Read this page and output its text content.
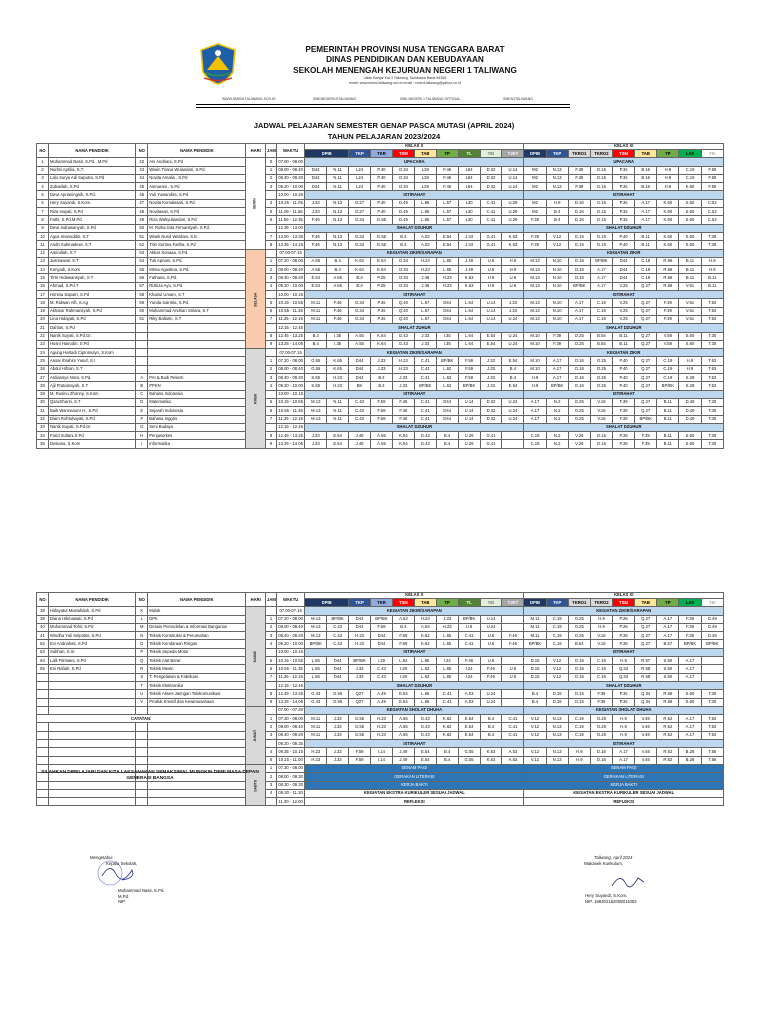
PEMERINTAH PROVINSI NUSA TENGGARA BARAT
DINAS PENDIDIKAN DAN KEBUDAYAAN
SEKOLAH MENENGAH KEJURUAN NEGERI 1 TALIWANG
Jalan Banjar Kal 3 Taliwang, Sumbawa Barat 84355
email: www.smkn1taliwang.sch.id email : smkn1taliwang@yahoo.co.id
WWW.SMKN1TALIWANG.SCH.ID	SMKNEGERI1KTALIWANG	SMK NEGERI 1 TALIWANG OFFICIAL	SMKN1TALIWANG
JADWAL PELAJARAN SEMESTER GENAP PASCA MUTASI (APRIL 2024)
TAHUN PELAJARAN 2023/2024
NO	NAMA PENDIDIK	NO	NAMA PENDIDIK	HARI	JAM	WAKTU	KELAS X										KELAS XI								
							DPIB		TKP	TKR	TSM	TAB	TP	TL	TEI	TJKT	DPIB	TKP	TKRO1	TKRO2	TSM	TAB	TP	LAS	TEI
1	Muhammad Nasir, S.Pd., M.Pd	42	Ani Andriani, S.Pd	SENIN	0	07.00 - 08.00	UPACARA										UPACARA								
2	Nurlini Aprilia, S.T.	43	Wiwin Triana Wulandari, S.Pd.		1	08.00 - 08.40	D44	N.11	L24	P.40	O.34	L29	F.46	L64	D.32	U.14	M2	N.13	F.39	G.15	P.3s	B.16	H.9	C.19	F.59
3	Lalu Surya Adi Saputra, S.Pd	44	Novita Amalia , S.Pd		2	08.40 - 09.20	D44	N.11	L24	P.40	O.34	L29	F.46	L64	D.32	U.14	M2	N.13	F.39	G.15	P.3s	B.16	H.9	C.19	F.59
4	Zubaidah, S.Pd	45	Asmarani , S.Pd		3	09.20 - 10.00	D44	N.11	L24	P.40	O.34	L29	F.46	L64	D.32	U.14	M2	N.13	F.39	G.15	P.3s	B.16	H.9	K.60	F.59
5	Dewi Aprianingsih, S.Pd.	46	Yuli Yuwandira, S.Pd			10.00 - 10.25	ISTIRAHAT										ISTIRAHAT								
6	Hery Suyandi, S.Kom.	47	Novita Komalasari, S.Pd.		4	10.25 - 11.05	J.33	N.13	O.27	P.40	D.49	L.65	L.57	L30	C.41	U.29	M2	H.9	D.16	G.15	P.3s	A.17	K.60	S.50	C.52
7	Riza Hayati, S.Pd	48	Novitasari, S.Pd		5	11.05 - 11.55	J.33	N.13	O.27	P.40	D.49	L.65	L.57	L30	C.41	U.29	M2	B.4	D.16	G.15	P.3s	A.17	K.60	S.50	C.52
8	Fathi, S.Pd.M.Pd	49	Riza Wahyuliandari, S.Pd		6	11.55 - 12.35	F.46	N.13	O.34	G.55	D.49	L.65	L.57	L30	C.41	U.29	F.39	B.4	D.16	G.15	P.3s	A.17	K.60	S.50	C.52
9	Dewi Indrawanyah, S.Pd	50	M. Rizka Gita Firmansyah, S.Pd.			12.35 - 13.00	SHALAT DZUHUR										SHALAT DZUHUR								
10	Agus Imanuddin, S.T	51	Wiwik Nurul Wardani, S.E.		7	13.00 - 13.35	F.46	N.13	O.34	G.55	B.4	A.53	E.54	J.33	G.41	K.63	F.39	V.12	G.15	G.16	P.40	B.11	K.60	S.50	T.30
11	Andri Sukmadewi, S.T	52	Titin Surtina Fatiha, S.Pd		8	13.35 - 14.15	F.46	N.13	O.34	G.55	B.4	A.53	E.54	J.33	G.41	K.63	F.39	V.12	G.15	G.16	P.40	B.11	K.60	S.50	T.30
12	Amirullah, S.T	53	Akbar Sonaaa, S.Pd.	SELASA		07.00-07.15	KEGIATAN ZIKIR/SARAPAN										KEGIATAN ZIKIR								
13	Jusmawati, S.T	54	Tuti Apriani, S.Pd.		1	07.20 - 08.00	A.55	B.4	K.64	E.54	O.34	H.23	L.65	J.49	U.6	H.9	M.13	N.10	O.16	BP/BK	D44	C.19	R.58	B.11	H.9
14	Kenyadi, S.Kom	55	Mirna Agustina, S.Pd.		2	08.00 - 08.40	A.55	B.4	K.64	E.54	O.34	H.23	L.65	J.49	U.6	H.9	M.13	N.10	O.16	A.17	D44	C.19	R.58	B.11	H.9
15	Tirtri Hidawansyah, S.T	56	Fathana, S.Pd.		3	08.40 - 09.20	E.54	A.55	B.4	P.25	O.34	J.49	H.23	K.63	H.9	U.6	M.13	N.10	O.16	A.17	D44	C.19	R.58	B.11	B.11
16	Ahmad, S.Pd.T	57	Rizkiza Ayu, S.Pd		4	09.20 - 10.00	E.54	A.55	B.4	P.25	O.34	J.49	H.23	K.63	H.9	U.6	M.13	N.10	BP/BK	A.17	V.25	Q.27	R.58	V.61	B.11
17	Hirnina Saputri, S.Pd	58	Khairul Umam, S.T			10.00 - 10.15	ISTIRAHAT										ISTIRAHAT								
18	M. Ridwan Alfi, S.Ag	59	Yunda Saintria, S.Pd.		5	10.15 - 10.55	M.11	F.46	O.34	P.3s	Q.40	L.57	D44	L.64	U.14	J.33	M.13	N.10	A.17	C.19	V.25	Q.27	F.39	V.61	T.63
19	Akhatur Rahmansyah, S.Pd	60	Muhammad Andrian Striara, S.T		6	10.55 - 11.35	M.11	F.46	O.34	P.3s	Q.40	L.57	D44	L.64	U.14	J.33	M.13	N.10	A.17	C.19	V.25	Q.27	F.39	V.61	T.63
20	Lina Hidayati, S.Pd	61	Riky Ballarin, S.T		7	11.35 - 12.15	M.11	F.46	O.34	P.3s	Q.40	L.57	D44	L.64	U.14	U.24	M.13	N.10	A.17	C.19	V.25	Q.27	F.39	V.61	T.63
21	Dahlan, S.Pd					12.15 - 12.45	SHALAT ZUHUR										SHALAT DZUHUR								
22	Nanik Suyati, S.Pd.Gr.				8	12.45 - 13.25	B.4	I.35	A.55	K.64	G.43	J.33	I.35	L.64	E.54	U.24	M.10	F.39	O.25	B.54	B.11	Q.27	V.58	S.60	T.30
23	Husni Hairudin, S.Pd				9	13.25 - 14.05	B.4	I.35	A.55	K.64	G.43	J.33	I.35	L.64	E.54	U.24	M.10	F.39	O.25	B.54	B.11	Q.27	V.58	S.60	T.30
24	Agung Hartadi Ciptomulyo, S.Kom			RABU		07.00-07.15	KEGIATAN ZIKIR/SARAPAN										KEGIATAN ZIKIR								
25	Ansar Ibrahim Yusuf, S.I				1	07.20 - 08.00	G.55	K.65	D44	J.33	H.23	C.41	BP/BK	F.59	J.33	E.54	M.10	A.17	O.16	O.25	P.40	Q.27	C.19	H.9	T.63
26	Abdul Hifzan, S.T				2	08.00 - 08.40	G.55	K.65	D44	J.33	H.23	C.41	L.62	F.59	J.33	B.4	M.10	A.17	O.16	O.25	P.40	Q.27	C.19	H.9	T.63
27	Ardiansya Nora, S.Pd.	A	PAI & Budi Pekerti		3	08.40 - 09.20	K.65	H.23	D44	B.4	J.33	C.41	L.62	F.59	J.33	B.4	H.9	A.17	O.16	O.25	P.40	Q.27	C.19	S.28	T.63
28	Ajil Pratamayah, S.T	B	PPKN		4	09.20 - 10.00	K.65	H.23	BK	B.4	J.33	BP/BK	L.62	BP/BK	J.33	E.54	H.9	BP/BK	O.16	O.25	P.40	Q.27	BP/BK	S.28	T.63
29	M. Rusinu Zhonny, S.Kom.	C	Bahasa Indonesia			10.00 - 10.15	ISTIRAHAT										ISTIRAHAT								
30	Qaruzthanti, S.T	D	Matematika		5	10.15 - 10.55	M.13	N.11	C.43	F.59	F.46	C.41	D44	U.14	D.32	U.24	A.17	N.2	O.25	V.16	F.39	Q.27	B.11	D.49	T.30
31	Baik Warmanunt H., S.Pd	E	Sejarah Indonesia		6	10.55 - 11.35	M.13	N.11	C.43	F.59	F.46	C.41	D44	U.14	D.32	U.24	A.17	N.2	O.25	V.16	F.39	Q.27	B.11	D.49	T.30
32	Diam Rohtuhayati, S.Pd	F	Bahasa Inggris		7	11.35 - 12.15	M.13	N.11	C.43	F.59	F.46	C.41	D44	U.14	D.32	U.24	A.17	N.2	O.25	V.16	F.39	BP/BK	B.11	D.49	T.30
33	Nanik Suyati, S.Pd.Gr	G	Seni Budaya			12.15 - 12.45	SHALAT DZUHUR										SHALAT DZUHUR								
34	Farid Sultani,S.Pd	H	Penjasorkes		8	12.45 - 13.25	J.33	E.54	J.49	A.55	K.64	G.43	B.4	U.29	G.41		C.19	N.2	V.26	O.16	P.26	F.39	B.11	S.60	T.30
35	Desiana, S.Kom	I	Informatika		9	13.25 - 14.05	J.33	E.54	J.49	A.55	K.64	G.43	B.4	U.29	G.41		C.19	N.2	V.26	O.16	P.26	F.39	B.11	S.60	T.30
NO	NAMA PENDIDIK	NO	NAMA PENDIDIK	HARI	JAM	WAKTU	KELAS X										KELAS XI								
							DPIB		TKP	TKR	TSM	TAB	TP	TL	TEI	TJKT	DPIB	TKP	TKRO1	TKRO2	TSM	TAB	TP	LAS	TEI
38	Hidayatul Mustafidah, S.Pd	K	Mulok	KAMIS		07.00-07.15	KEGIATAN ZIKIR/SARAPAN										KEGIATAN ZIKIR/SARAPAN								
39	Diana Hikmawati, S.Pd	L	DPK		1	07.20 - 08.00	M.13	BP/BK	D44	BP/BK	A.53	H.23	J.33	BP/BK	U.14		M.11	C.19	O.25	H.9	P.26	Q.27	A.17	F.39	D.49
40	Muhammad Tohir, S.Pd	M	Desain Pemodelan & Informasi Bangunan		2	08.00 - 08.40	M.13	C.43	D44	F.59	B.4	A.53	H.23	U.6	U.24		M.11	C.19	O.25	H.9	P.26	Q.27	A.17	F.39	D.49
41	Windha Yuli Selpotini, S.Pd	N	Teknik Konstruksi & Perumahan		3	08.40 - 09.20	M.13	C.43	H.23	D44	F.59	K.62	L.65	C.41	U.6	F.46	M.11	C.19	O.25	V.16	P.26	Q.27	A.17	F.39	D.49
62	Evi Andriahati, S.Pd	O	Teknik Kendaraan Ringan		4	09.20 - 10.00	BP/BK	C.43	H.23	D44	F.59	K.62	L.65	C.41	U.6	F.46	BP/BK	C.19	B.54	V.16	P.26	Q.27	B.57	BP/BK	BP/BK
63	Subhan, S.Si	P	Teknik Sepeda Motor			10.00 - 10.15	ISTIRAHAT										ISTIRAHAT								
64	Lalil Fitririaini, S.Pd	Q	Teknik Alat Berat		5	10.15 - 10.55	L.65	D44	BP/BK	I.29	L.62	L.65	I.24	F.46	U.6		D.16	V.12	O.15	C.19	H.9	R.57	S.60	A.17	
65	Eni Rafiah, S.Pd	R	Teknik Mesin		6	10.55 - 11.35	L.65	D44	J.33	C.43	I.29	L.62	L.65	I.24	F.46	U.6	D.16	V.12	O.15	C.19	Q.34	R.58	S.60	A.17	
		S	T. Pengelasan & Fabrikasi		7	11.35 - 12.15	L.65	D44	J.33	C.43	I.29	L.62	L.65	I.24	F.46	U.6	D.16	V.12	O.15	C.19	Q.34	R.58	S.60	A.17	
		T	Teknik Elektronika			12.15 - 12.45	SHALAT DZUHUR										SHALAT DZUHUR								
		U	Teknik Akses Jaringan Telekomunikasi		8	12.45 - 13.25	G.43	G.55	Q27	A.49	E.54	L.65	C.41	A.53	U.24		B.4	D.16	O.15	F.39	P.3s	Q.34	R.58	S.60	T.30
		V	Produk Kreatif dan Kewirausahaan		9	13.25 - 14.05	G.43	G.55	Q27	A.49	E.54	L.65	C.41	A.53	U.24		B.4	D.16	O.15	F.39	P.3s	Q.34	R.58	S.60	T.30
				JUMAT		07.00 - 07.30	KEGIATAN SHOLAT DHUHA										KEGIATAN SHOLAT DHUHA								
CATATAN:					1	07.30 - 08.00	M.11	J.33	G.55	H.23	A.55	G.43	K.62	E.54	B.4	C.41	V.12	N.13	C.19	O.25	H.9	V.46	R.62	A.17	T.63
					2	08.00 - 08.40	M.11	J.33	G.55	H.23	A.55	G.43	K.62	E.54	B.4	C.41	V.12	N.13	C.19	O.25	H.9	V.46	R.62	A.17	T.63
					3	08.40 - 09.20	M.11	J.33	G.55	H.23	A.55	G.43	K.62	E.54	B.4	C.41	V.12	N.13	C.19	O.25	H.9	V.46	R.62	A.17	T.63
						09.20 - 09.35	ISTIRAHAT										ISTIRAHAT								
					4	09.35 - 10.15	H.23	J.33	F.59	I.14	J.49	E.54	B.4	G.55	K.63	A.53	V.12	N.13	H.9	D.16	A.17	V.46	R.62	B.28	T.56
					5	10.15 - 11.00	H.23	J.33	F.59	I.14	J.49	E.54	B.4	G.55	K.63	A.53	V.12	N.13	H.9	D.16	A.17	V.46	R.62	B.28	T.56
				SABTU	1	07.30 - 08.00	SENAM PAGI										SENAM PAGI								
					2	08.00 - 08.30	GERAKAN LITERASI										GERAKAN LITERASI								
					3	08.30 - 09.30	KERJA BAKTI										KERJA BAKTI								
					4	09.30 - 11.30	KEGIATAN EKSTRA KURIKULER SESUAI JADWAL										KEGIATAN EKSTRA KURIKULER SESUAI JADWAL								
						11.30 - 12.00	REFLEKSI										REFLEKSI								
SILAHKAN DIPELAJARI DAN KITA LAKSANAKAN SEMAKSIMAL MUNGKIN DEMI MASA DEPAN GENERASI BANGSA
Mengetahui
Kepala Sekolah,
Muhammad Nasir, S.Pd.
M.Pd.
NIP
Taliwang, April 2024
Wakasek Kurikulum,
Hery Suyandi, S.Kom.
NIP. 198302162008011002
